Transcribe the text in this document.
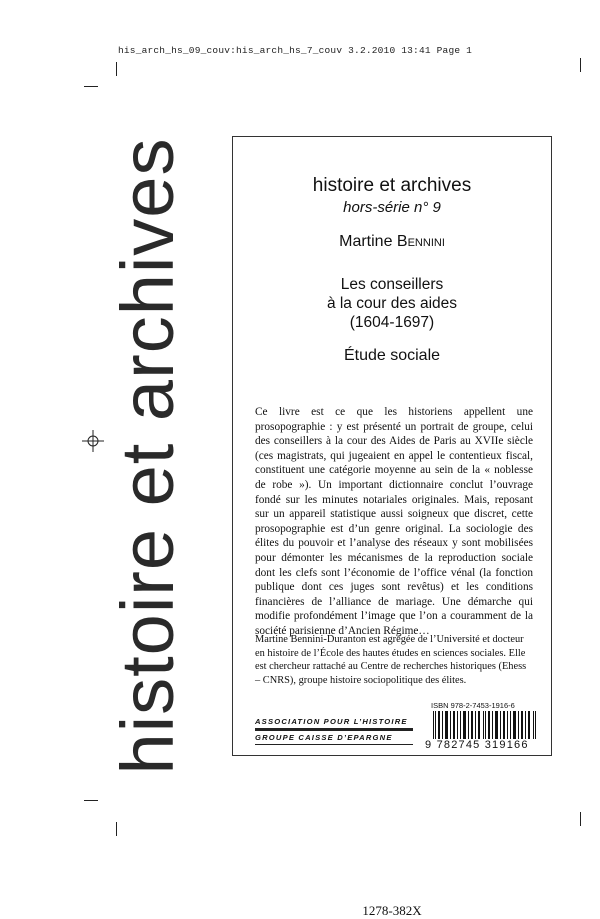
his_arch_hs_09_couv:his_arch_hs_7_couv 3.2.2010 13:41 Page 1
histoire et archives	histoire et archives
hors-série n° 9
Martine Bennini
Les conseillers
à la cour des aides
(1604-1697)
Étude sociale

Ce livre est ce que les historiens appellent une prosopographie : y est présenté un portrait de groupe, celui des conseillers à la cour des Aides de Paris au XVIIe siècle (ces magistrats, qui jugeaient en appel le contentieux fiscal, constituent une catégorie moyenne au sein de la « noblesse de robe »). Un important dictionnaire conclut l’ouvrage fondé sur les minutes notariales originales. Mais, reposant sur un appareil statistique aussi soigneux que discret, cette prosopographie est d’un genre original. La sociologie des élites du pouvoir et l’analyse des réseaux y sont mobilisées pour démonter les mécanismes de la reproduction sociale dont les clefs sont l’économie de l’office vénal (la fonction publique dont ces juges sont revêtus) et les conditions financières de l’alliance de mariage. Une démarche qui modifie profondément l’image que l’on a couramment de la société parisienne d’Ancien Régime…

Martine Bennini-Duranton est agrégée de l’Université et docteur en histoire de l’École des hautes études en sciences sociales. Elle est chercheur rattaché au Centre de recherches historiques (Ehess – CNRS), groupe histoire sociopolitique des élites.

ISBN 978-2-7453-1916-6
9 782745 319166
ASSOCIATION POUR L’HISTOIRE
GROUPE CAISSE D’EPARGNE
1278-382X
